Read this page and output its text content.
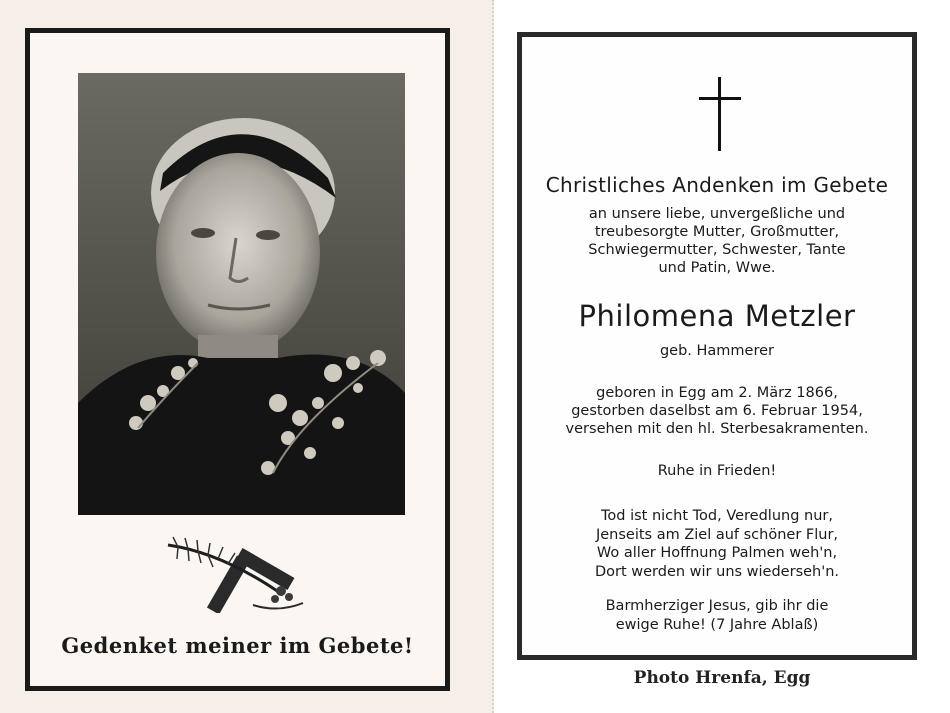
Gedenket meiner im Gebete!
Christliches Andenken im Gebete
an unsere liebe, unvergeßliche und
treubesorgte Mutter, Großmutter,
Schwiegermutter, Schwester, Tante
und Patin, Wwe.
Philomena Metzler
geb. Hammerer
geboren in Egg am 2. März 1866,
gestorben daselbst am 6. Februar 1954,
versehen mit den hl. Sterbesakramenten.
Ruhe in Frieden!
Tod ist nicht Tod, Veredlung nur,
Jenseits am Ziel auf schöner Flur,
Wo aller Hoffnung Palmen weh'n,
Dort werden wir uns wiederseh'n.
Barmherziger Jesus, gib ihr die
ewige Ruhe! (7 Jahre Ablaß)
Photo Hrenfa, Egg
